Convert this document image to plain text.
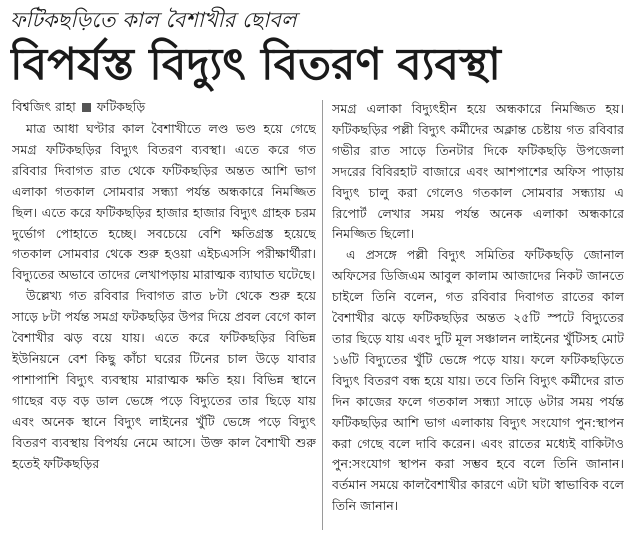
ফটিকছড়িতে কাল বৈশাখীর ছোবল
বিপর্যস্ত বিদ্যুৎ বিতরণ ব্যবস্থা
বিশ্বজিৎ রাহা ফটিকছড়ি

মাত্র আধা ঘণ্টার কাল বৈশাখীতে লণ্ড ভণ্ড হয়ে গেছে সমগ্র ফটিকছড়ির বিদ্যুৎ বিতরণ ব্যবস্থা। এতে করে গত রবিবার দিবাগত রাত থেকে ফটিকছড়ির অন্তত আশি ভাগ এলাকা গতকাল সোমবার সন্ধ্যা পর্যন্ত অন্ধকারে নিমজ্জিত ছিল। এতে করে ফটিকছড়ির হাজার হাজার বিদ্যুৎ গ্রাহক চরম দুর্ভোগ পোহাতে হচ্ছে। সবচেয়ে বেশি ক্ষতিগ্রস্ত হয়েছে গতকাল সোমবার থেকে শুরু হওয়া এইচএসসি পরীক্ষার্থীরা। বিদ্যুতের অভাবে তাদের লেখাপড়ায় মারাত্মক ব্যাঘাত ঘটেছে।

উল্লেখ্য গত রবিবার দিবাগত রাত ৮টা থেকে শুরু হয়ে সাড়ে ৮টা পর্যন্ত সমগ্র ফটকছড়ির উপর দিয়ে প্রবল বেগে কাল বৈশাখীর ঝড় বয়ে যায়। এতে করে ফটিকছড়ির বিভিন্ন ইউনিয়নে বেশ কিছু কাঁচা ঘরের টিনের চাল উড়ে যাবার পাশাপাশি বিদ্যুৎ ব্যবস্থায় মারাত্মক ক্ষতি হয়। বিভিন্ন স্থানে গাছের বড় বড় ডাল ভেঙ্গে পড়ে বিদ্যুতের তার ছিড়ে যায় এবং অনেক স্থানে বিদ্যুৎ লাইনের খুঁটি ভেঙ্গে পড়ে বিদ্যুৎ বিতরণ ব্যবস্থায় বিপর্যয় নেমে আসে। উক্ত কাল বৈশাখী শুরু হতেই ফটিকছড়ির

সমগ্র এলাকা বিদ্যুৎহীন হয়ে অন্ধকারে নিমজ্জিত হয়। ফটিকছড়ির পল্লী বিদ্যুৎ কর্মীদের অক্লান্ত চেষ্টায় গত রবিবার গভীর রাত সাড়ে তিনটার দিকে ফটিকছড়ি উপজেলা সদরের বিবিরহাট বাজারে এবং আশপাশের অফিস পাড়ায় বিদ্যুৎ চালু করা গেলেও গতকাল সোমবার সন্ধ্যায় এ রিপোর্ট লেখার সময় পর্যন্ত অনেক এলাকা অন্ধকারে নিমজ্জিত ছিলো।

এ প্রসঙ্গে পল্লী বিদ্যুৎ সমিতির ফটিকছড়ি জোনাল অফিসের ডিজিএম আবুল কালাম আজাদের নিকট জানতে চাইলে তিনি বলেন, গত রবিবার দিবাগত রাতের কাল বৈশাখীর ঝড়ে ফটিকছড়ির অন্তত ২৫টি স্পটে বিদ্যুতের তার ছিড়ে যায় এবং দুটি মূল সঞ্চালন লাইনের খুঁটিসহ মোট ১৬টি বিদ্যুতের খুঁটি ভেঙ্গে পড়ে যায়। ফলে ফটিকছড়িতে বিদ্যুৎ বিতরণ বন্ধ হয়ে যায়। তবে তিনি বিদ্যুৎ কর্মীদের রাত দিন কাজের ফলে গতকাল সন্ধ্যা সাড়ে ৬টার সময় পর্যন্ত ফটিকছড়ির আশি ভাগ এলাকায় বিদ্যুৎ সংযোগ পুন:স্থাপন করা গেছে বলে দাবি করেন। এবং রাতের মধ্যেই বাকিটাও পুন:সংযোগ স্থাপন করা সম্ভব হবে বলে তিনি জানান। বর্তমান সময়ে কালবৈশাখীর কারণে এটা ঘটা স্বাভাবিক বলে তিনি জানান।
